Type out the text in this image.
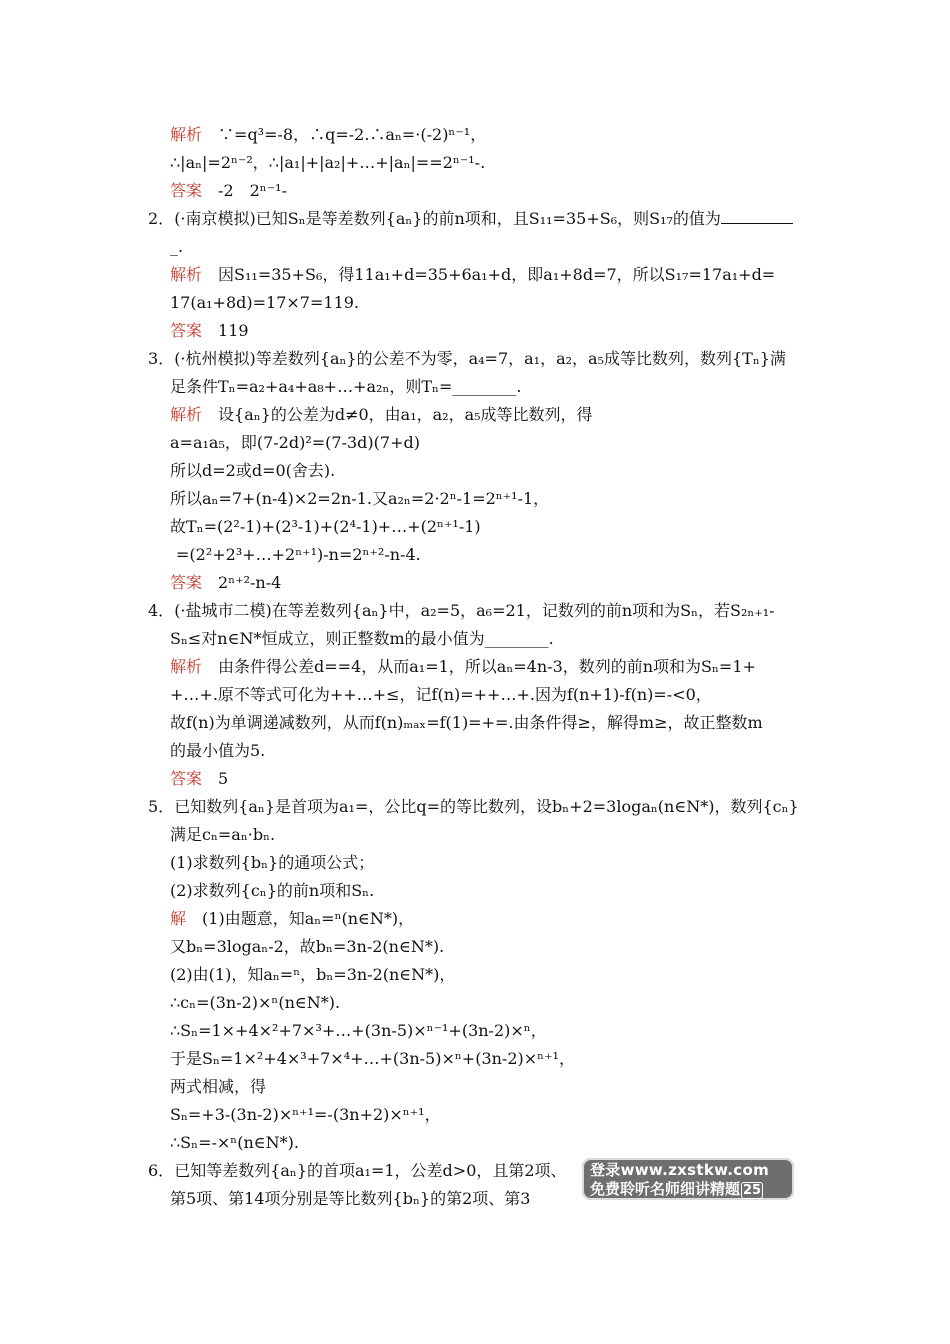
解析　 ∵=q³=-8，∴q=-2.∴aₙ=·(-2)ⁿ⁻¹，
∴|aₙ|=2ⁿ⁻²，∴|a₁|+|a₂|+…+|aₙ|==2ⁿ⁻¹-.
答案　 -2　2ⁿ⁻¹-
2．(·南京模拟)已知Sₙ是等差数列{aₙ}的前n项和，且S₁₁=35+S₆，则S₁₇的值为
_.
解析　 因S₁₁=35+S₆，得11a₁+d=35+6a₁+d，即a₁+8d=7，所以S₁₇=17a₁+d=
17(a₁+8d)=17×7=119.
答案　 119
3．(·杭州模拟)等差数列{aₙ}的公差不为零，a₄=7，a₁，a₂，a₅成等比数列，数列{Tₙ}满
足条件Tₙ=a₂+a₄+a₈+…+a₂ₙ，则Tₙ=________.
解析　 设{aₙ}的公差为d≠0，由a₁，a₂，a₅成等比数列，得
a=a₁a₅，即(7-2d)²=(7-3d)(7+d)
所以d=2或d=0(舍去).
所以aₙ=7+(n-4)×2=2n-1.又a₂ₙ=2·2ⁿ-1=2ⁿ⁺¹-1，
故Tₙ=(2²-1)+(2³-1)+(2⁴-1)+…+(2ⁿ⁺¹-1)
=(2²+2³+…+2ⁿ⁺¹)-n=2ⁿ⁺²-n-4.
答案　 2ⁿ⁺²-n-4
4．(·盐城市二模)在等差数列{aₙ}中，a₂=5，a₆=21，记数列的前n项和为Sₙ，若S₂ₙ₊₁-
Sₙ≤对n∈N*恒成立，则正整数m的最小值为________.
解析　 由条件得公差d==4，从而a₁=1，所以aₙ=4n-3，数列的前n项和为Sₙ=1+
+…+.原不等式可化为++…+≤，记f(n)=++…+.因为f(n+1)-f(n)=-<0，
故f(n)为单调递减数列，从而f(n)ₘₐₓ=f(1)=+=.由条件得≥，解得m≥，故正整数m
的最小值为5.
答案　 5
5．已知数列{aₙ}是首项为a₁=，公比q=的等比数列，设bₙ+2=3logaₙ(n∈N*)，数列{cₙ}
满足cₙ=aₙ·bₙ.
(1)求数列{bₙ}的通项公式；
(2)求数列{cₙ}的前n项和Sₙ.
解　 (1)由题意，知aₙ=ⁿ(n∈N*)，
又bₙ=3logaₙ-2，故bₙ=3n-2(n∈N*).
(2)由(1)，知aₙ=ⁿ，bₙ=3n-2(n∈N*)，
∴cₙ=(3n-2)×ⁿ(n∈N*).
∴Sₙ=1×+4×²+7×³+…+(3n-5)×ⁿ⁻¹+(3n-2)×ⁿ，
于是Sₙ=1×²+4×³+7×⁴+…+(3n-5)×ⁿ+(3n-2)×ⁿ⁺¹，
两式相减，得
Sₙ=+3-(3n-2)×ⁿ⁺¹=-(3n+2)×ⁿ⁺¹，
∴Sₙ=-×ⁿ(n∈N*).
6．已知等差数列{aₙ}的首项a₁=1，公差d>0，且第2项、
第5项、第14项分别是等比数列{bₙ}的第2项、第3
登录www.zxstkw.com
免费聆听名师细讲精题 25
